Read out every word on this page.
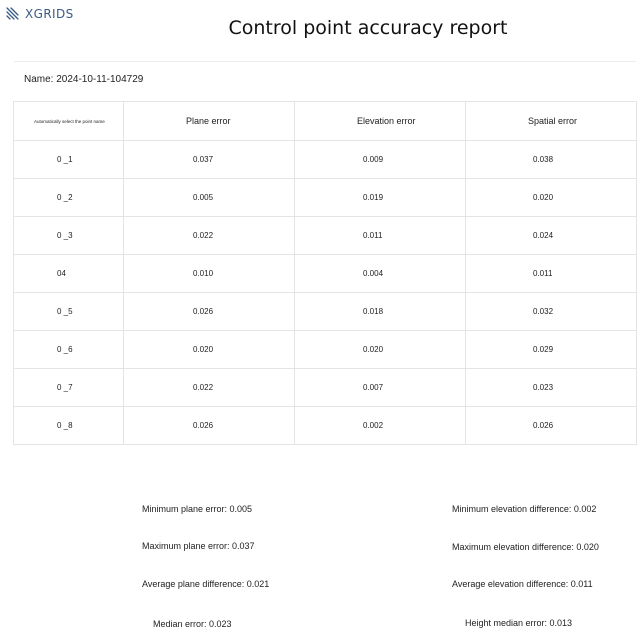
XGRIDS
Control point accuracy report
Name: 2024-10-11-104729
Automatically select the point name	Plane error	Elevation error	Spatial error
0 _1	0.037	0.009	0.038
0 _2	0.005	0.019	0.020
0 _3	0.022	0.011	0.024
04	0.010	0.004	0.011
0 _5	0.026	0.018	0.032
0 _6	0.020	0.020	0.029
0 _7	0.022	0.007	0.023
0 _8	0.026	0.002	0.026
Minimum plane error: 0.005
Maximum plane error: 0.037
Average plane difference: 0.021
Median error: 0.023
Minimum elevation difference: 0.002
Maximum elevation difference: 0.020
Average elevation difference: 0.011
Height median error: 0.013
